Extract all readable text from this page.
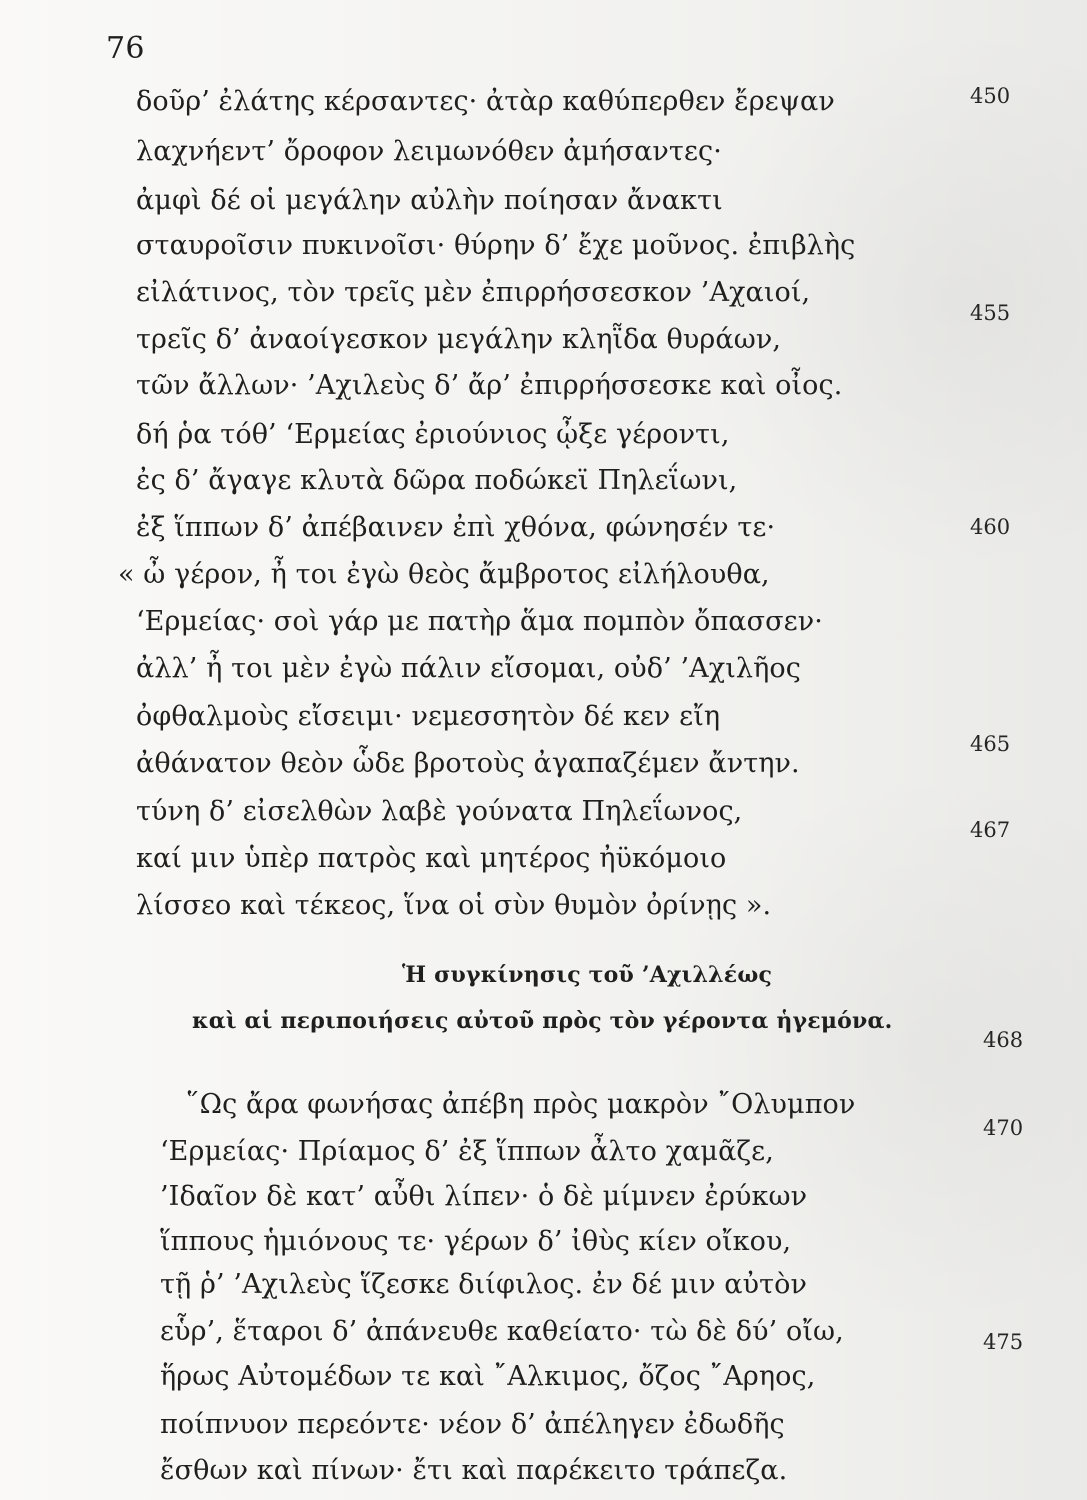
76
δοῦρ’ ἐλάτης κέρσαντες· ἀτὰρ καθύπερθεν ἔρεψαν
λαχνήεντ’ ὄροφον λειμωνόθεν ἀμήσαντες·
ἀμφὶ δέ οἱ μεγάλην αὐλὴν ποίησαν ἄνακτι
σταυροῖσιν πυκινοῖσι· θύρην δ’ ἔχε μοῦνος. ἐπιβλὴς
εἰλάτινος, τὸν τρεῖς μὲν ἐπιρρήσσεσκον ’Αχαιοί,
τρεῖς δ’ ἀναοίγεσκον μεγάλην κληῗδα θυράων,
τῶν ἄλλων· ’Αχιλεὺς δ’ ἄρ’ ἐπιρρήσσεσκε καὶ οἶος.
δή ῥα τόθ’ ‘Ερμείας ἐριούνιος ᾦξε γέροντι,
ἐς δ’ ἄγαγε κλυτὰ δῶρα ποδώκεϊ Πηλεΐωνι,
ἐξ ἵππων δ’ ἀπέβαινεν ἐπὶ χθόνα, φώνησέν τε·
« ὦ γέρον, ἦ τοι ἐγὼ θεὸς ἄμβροτος εἰλήλουθα,
‘Ερμείας· σοὶ γάρ με πατὴρ ἅμα πομπὸν ὄπασσεν·
ἀλλ’ ἦ τοι μὲν ἐγὼ πάλιν εἴσομαι, οὐδ’ ’Αχιλῆος
ὀφθαλμοὺς εἴσειμι· νεμεσσητὸν δέ κεν εἴη
ἀθάνατον θεὸν ὧδε βροτοὺς ἀγαπαζέμεν ἄντην.
τύνη δ’ εἰσελθὼν λαβὲ γούνατα Πηλεΐωνος,
καί μιν ὑπὲρ πατρὸς καὶ μητέρος ἠϋκόμοιο
λίσσεο καὶ τέκεος, ἵνα οἱ σὺν θυμὸν ὀρίνῃς ».
450
455
460
465
467
Ἡ συγκίνησις τοῦ ’Αχιλλέως
καὶ αἱ περιποιήσεις αὐτοῦ πρὸς τὸν γέροντα ἡγεμόνα.
῞Ως ἄρα φωνήσας ἀπέβη πρὸς μακρὸν ῎Ολυμπον
‘Ερμείας· Πρίαμος δ’ ἐξ ἵππων ἆλτο χαμᾶζε,
’Ιδαῖον δὲ κατ’ αὖθι λίπεν· ὁ δὲ μίμνεν ἐρύκων
ἵππους ἡμιόνους τε· γέρων δ’ ἰθὺς κίεν οἴκου,
τῇ ῥ’ ’Αχιλεὺς ἵζεσκε διίφιλος. ἐν δέ μιν αὐτὸν
εὗρ’, ἕταροι δ’ ἀπάνευθε καθείατο· τὼ δὲ δύ’ οἴω,
ἥρως Αὐτομέδων τε καὶ ῎Αλκιμος, ὄζος ῎Αρηος,
ποίπνυον περεόντε· νέον δ’ ἀπέληγεν ἐδωδῆς
ἔσθων καὶ πίνων· ἔτι καὶ παρέκειτο τράπεζα.
468
470
475
